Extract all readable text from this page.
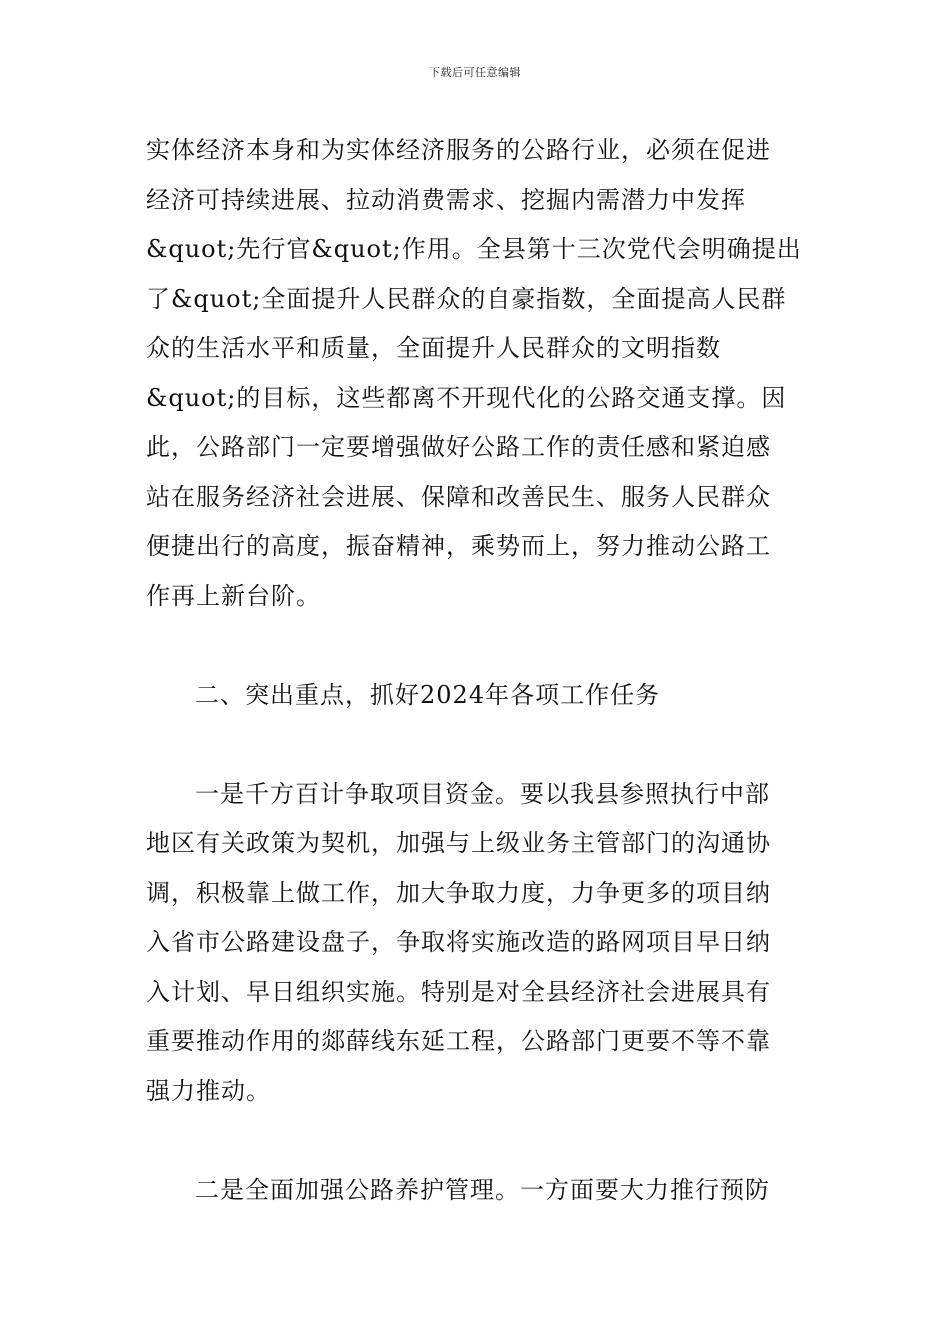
下载后可任意编辑
实体经济本身和为实体经济服务的公路行业，必须在促进
经济可持续进展、拉动消费需求、挖掘内需潜力中发挥
&quot;先行官&quot;作用。全县第十三次党代会明确提出
了&quot;全面提升人民群众的自豪指数，全面提高人民群
众的生活水平和质量，全面提升人民群众的文明指数
&quot;的目标，这些都离不开现代化的公路交通支撑。因
此，公路部门一定要增强做好公路工作的责任感和紧迫感
站在服务经济社会进展、保障和改善民生、服务人民群众
便捷出行的高度，振奋精神，乘势而上，努力推动公路工
作再上新台阶。
二、突出重点，抓好2024年各项工作任务
一是千方百计争取项目资金。要以我县参照执行中部
地区有关政策为契机，加强与上级业务主管部门的沟通协
调，积极靠上做工作，加大争取力度，力争更多的项目纳
入省市公路建设盘子，争取将实施改造的路网项目早日纳
入计划、早日组织实施。特别是对全县经济社会进展具有
重要推动作用的郯薛线东延工程，公路部门更要不等不靠
强力推动。
二是全面加强公路养护管理。一方面要大力推行预防
